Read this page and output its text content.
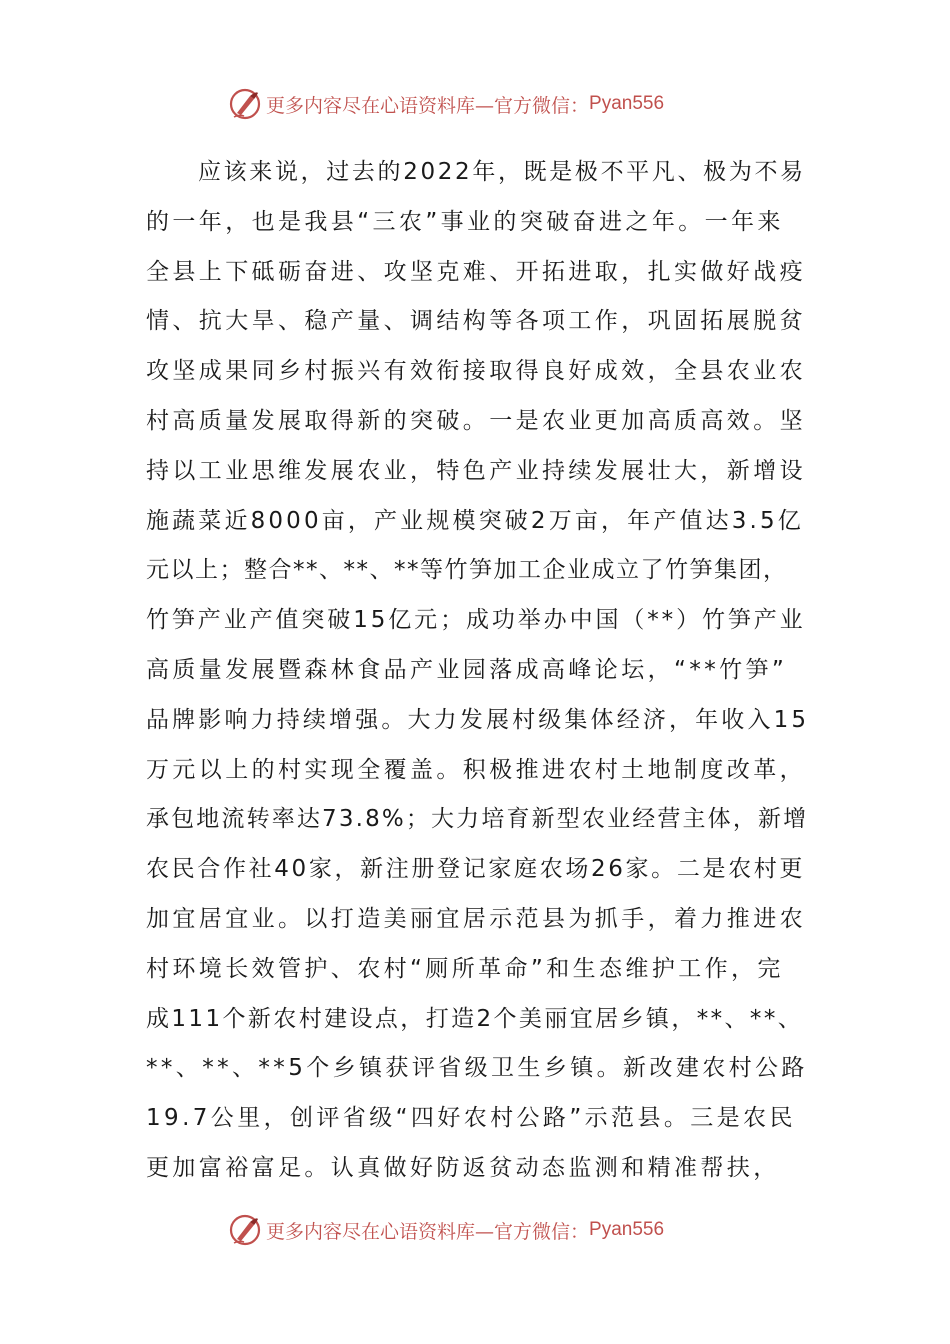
更多内容尽在心语资料库—官方微信： Pyan556
应该来说，过去的2022年，既是极不平凡、极为不易
的一年，也是我县“三农”事业的突破奋进之年。一年来
全县上下砥砺奋进、攻坚克难、开拓进取，扎实做好战疫
情、抗大旱、稳产量、调结构等各项工作，巩固拓展脱贫
攻坚成果同乡村振兴有效衔接取得良好成效，全县农业农
村高质量发展取得新的突破。一是农业更加高质高效。坚
持以工业思维发展农业，特色产业持续发展壮大，新增设
施蔬菜近8000亩，产业规模突破2万亩，年产值达3.5亿
元以上；整合**、**、**等竹笋加工企业成立了竹笋集团，
竹笋产业产值突破15亿元；成功举办中国（**）竹笋产业
高质量发展暨森林食品产业园落成高峰论坛，“**竹笋”
品牌影响力持续增强。大力发展村级集体经济，年收入15
万元以上的村实现全覆盖。积极推进农村土地制度改革，
承包地流转率达73.8%；大力培育新型农业经营主体，新增
农民合作社40家，新注册登记家庭农场26家。二是农村更
加宜居宜业。以打造美丽宜居示范县为抓手，着力推进农
村环境长效管护、农村“厕所革命”和生态维护工作，完
成111个新农村建设点，打造2个美丽宜居乡镇，**、**、
**、**、**5个乡镇获评省级卫生乡镇。新改建农村公路
19.7公里，创评省级“四好农村公路”示范县。三是农民
更加富裕富足。认真做好防返贫动态监测和精准帮扶，
更多内容尽在心语资料库—官方微信： Pyan556
